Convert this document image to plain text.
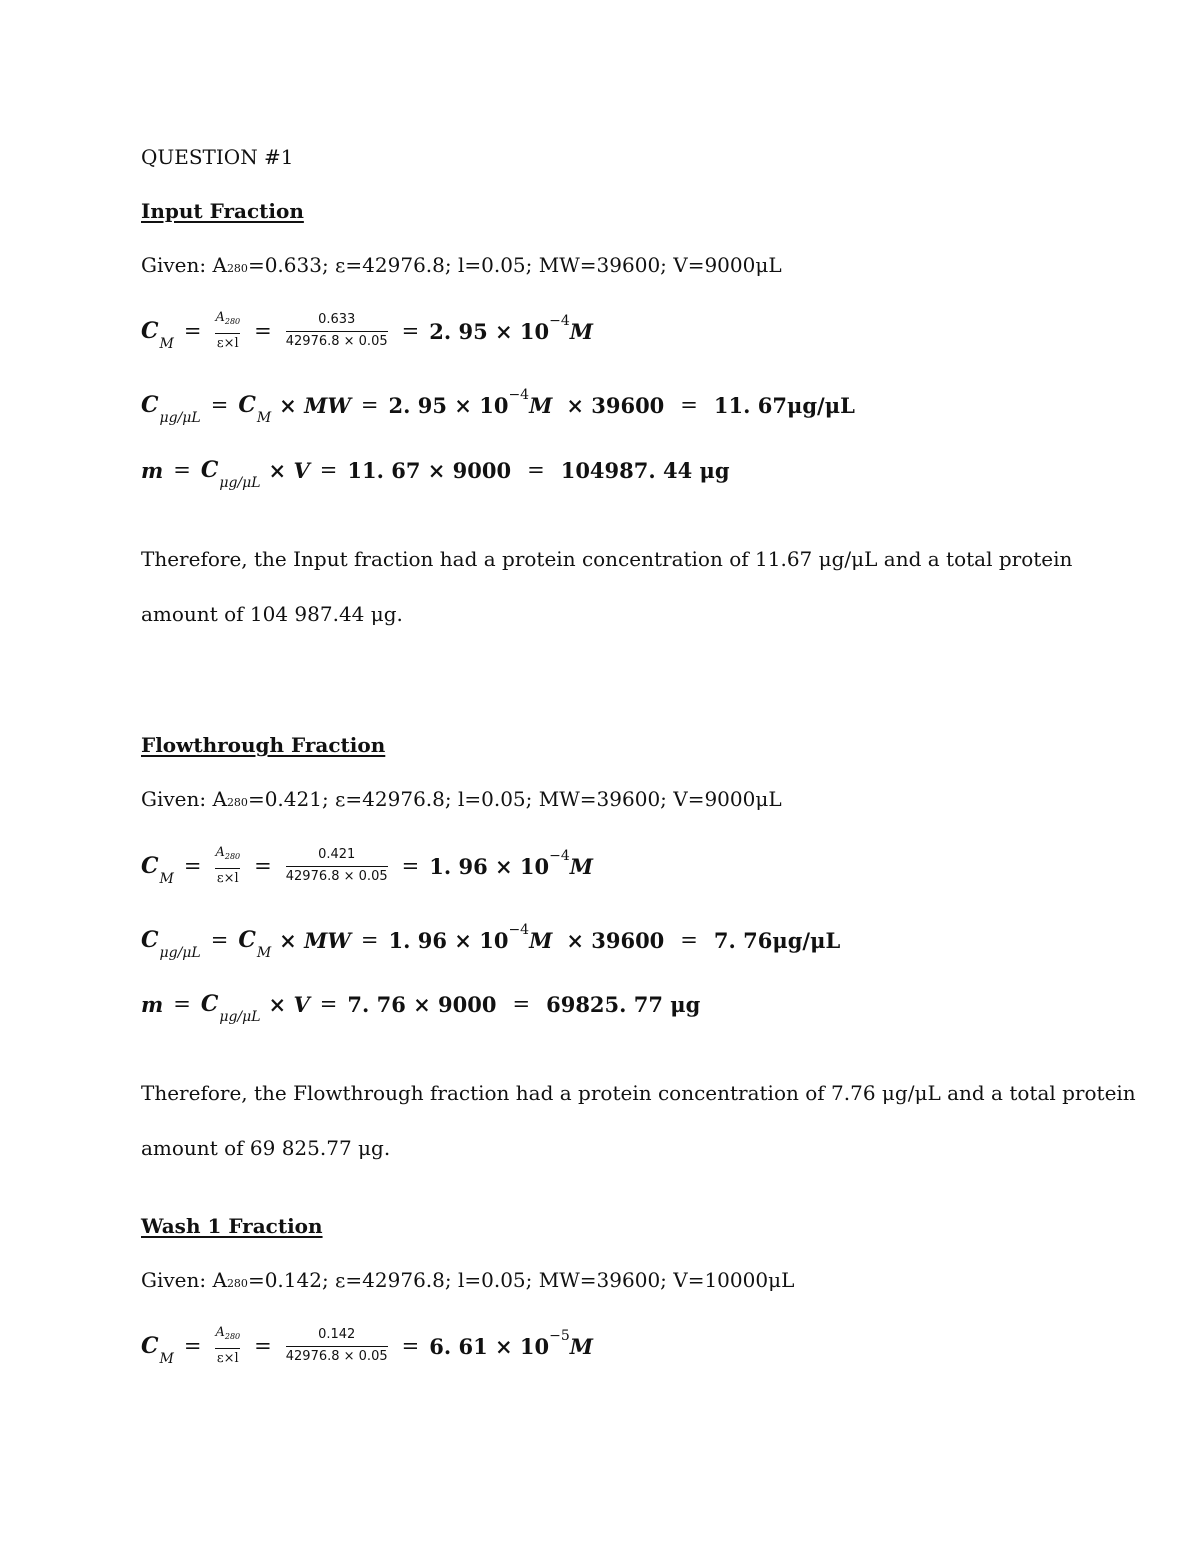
QUESTION #1
Input Fraction
Given: A280=0.633; ε=42976.8; l=0.05; MW=39600; V=9000μL
C M
= $\frac{A_{280}}{\varepsilon\times l} = \frac{0.633}{42976.8 \times 0.05} = 2$. 95 × 10 −4 M
C μg/μL
= C M
× MW = 2. 95 × 10 −4 M × 39600 = 11. 67μg/μL
m = C μg/μL
× V = 11. 67 × 9000 = 104987. 44 μg
Therefore, the Input fraction had a protein concentration of 11.67 μg/μL and a total protein
amount of 104 987.44 μg.
Flowthrough Fraction
Given: A280=0.421; ε=42976.8; l=0.05; MW=39600; V=9000μL
C M
= $\frac{A_{280}}{\varepsilon\times l} = \frac{0.421}{42976.8 \times 0.05} = 1$. 96 × 10 −4 M
C μg/μL
= C M
× MW = 1. 96 × 10 −4 M × 39600 = 7. 76μg/μL
m = C μg/μL
× V = 7. 76 × 9000 = 69825. 77 μg
Therefore, the Flowthrough fraction had a protein concentration of 7.76 μg/μL and a total protein
amount of 69 825.77 μg.
Wash 1 Fraction
Given: A280=0.142; ε=42976.8; l=0.05; MW=39600; V=10000μL
C M
= $\frac{A_{280}}{\varepsilon\times l} = \frac{0.142}{42976.8 \times 0.05} = 6$. 61 × 10 −5 M
